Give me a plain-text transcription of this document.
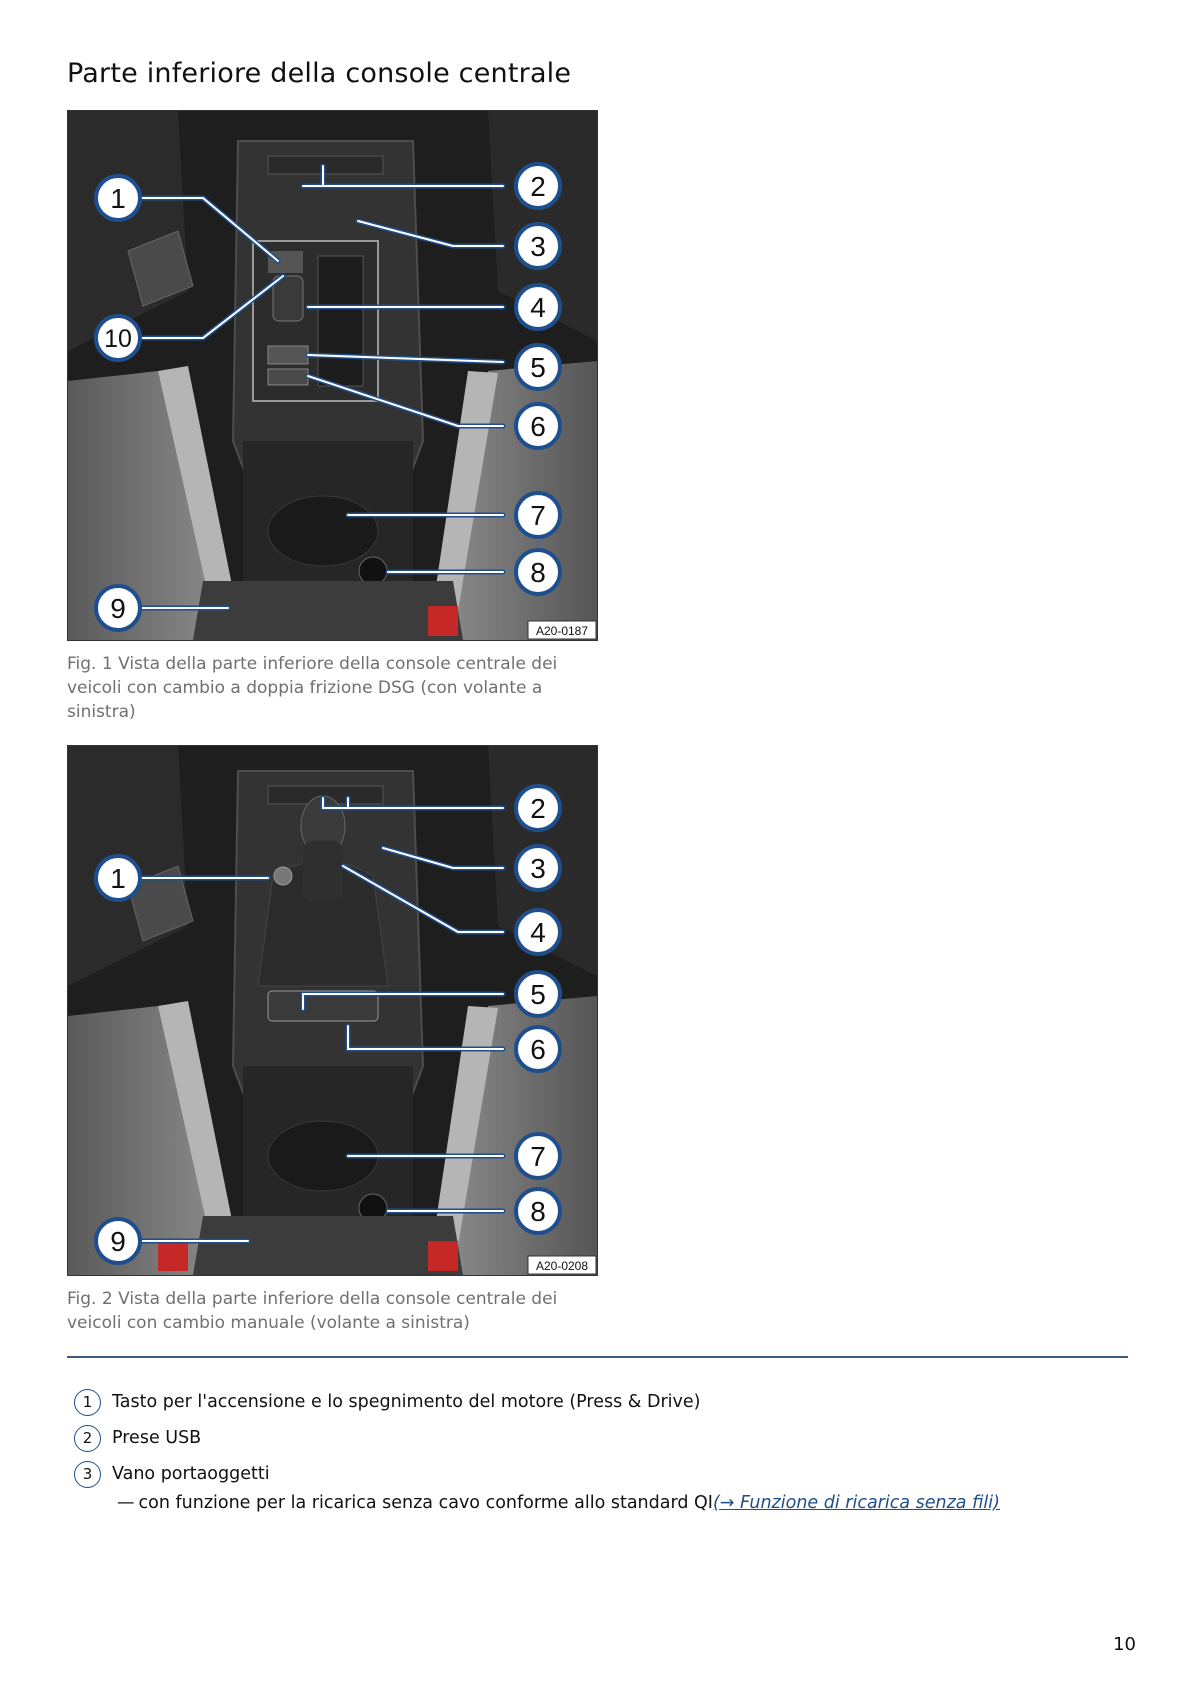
Parte inferiore della console centrale
1	2
3
4
5
6
7
8
9
10
A20-0187
Fig. 1 Vista della parte inferiore della console centrale dei veicoli con cambio a doppia frizione DSG (con volante a sinistra)
1
2
3
4
5
6
7
8
9
A20-0208
Fig. 2 Vista della parte inferiore della console centrale dei veicoli con cambio manuale (volante a sinistra)
1	Tasto per l'accensione e lo spegnimento del motore (Press & Drive)
2	Prese USB
3	Vano portaoggetti
— con funzione per la ricarica senza cavo conforme allo standard QI(→ Funzione di ricarica senza fili)
10
